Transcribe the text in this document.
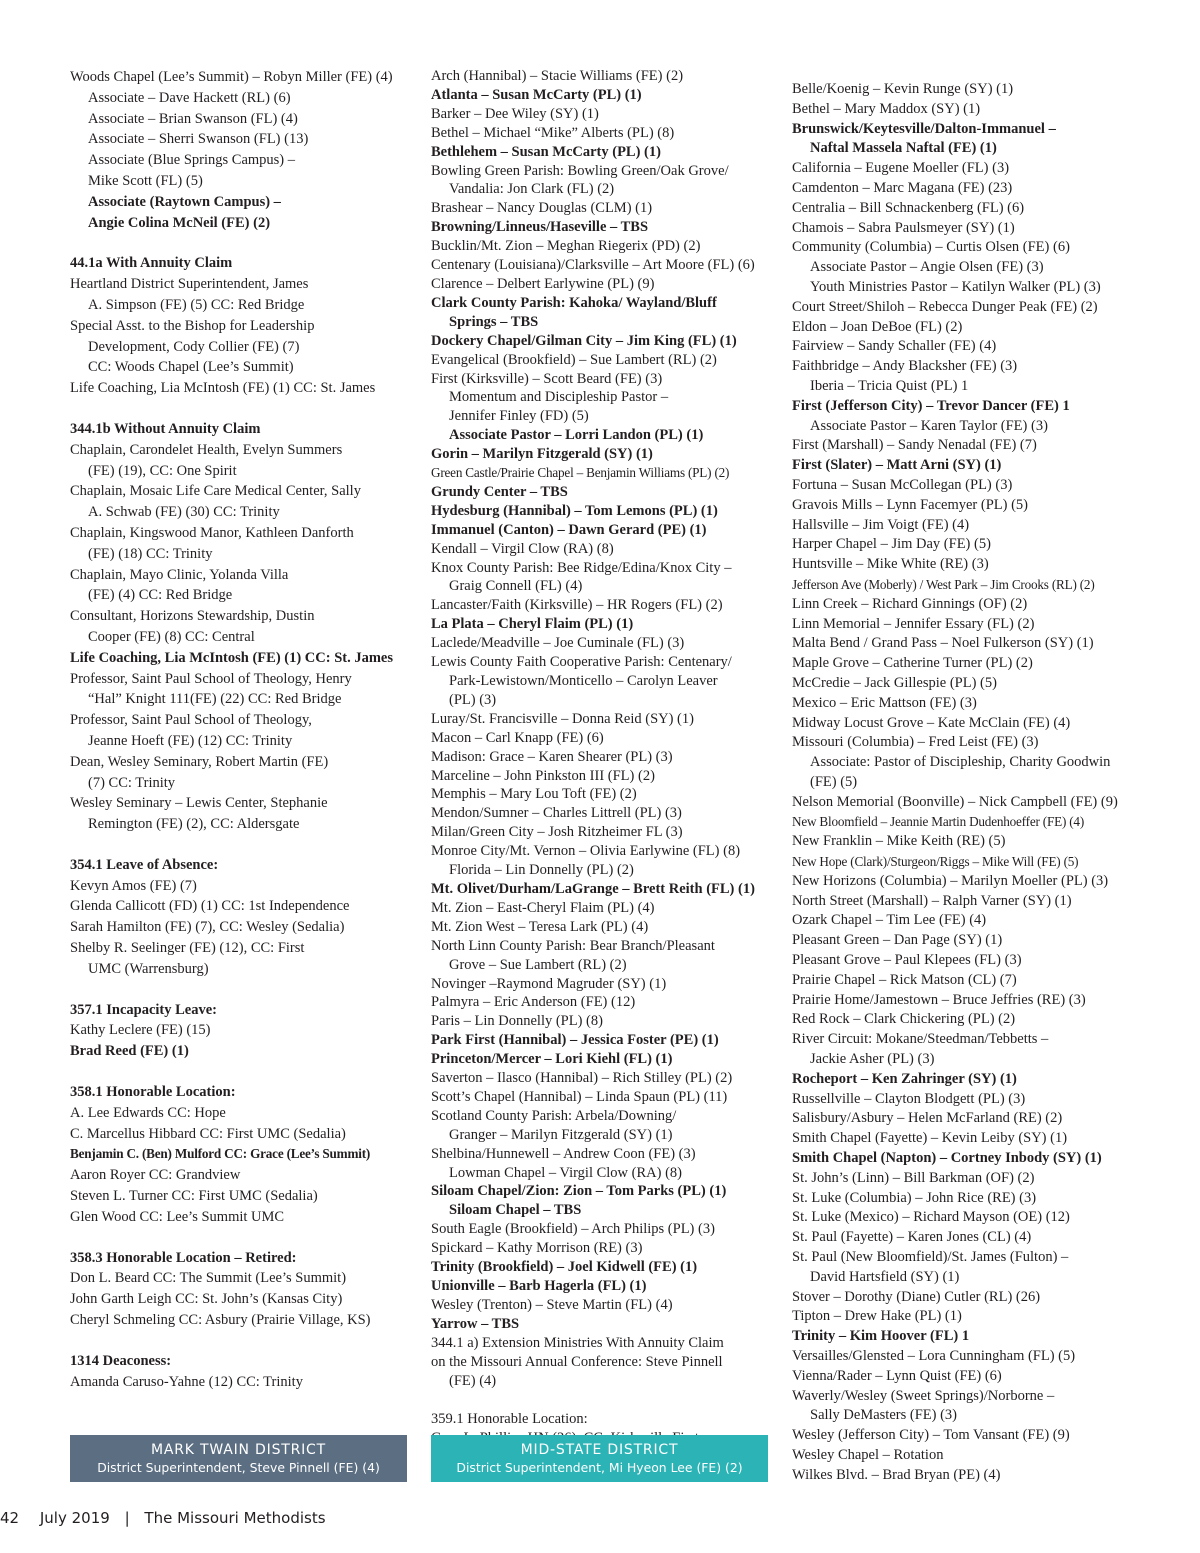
Woods Chapel (Lee’s Summit) – Robyn Miller (FE) (4)
Associate – Dave Hackett (RL) (6)
Associate – Brian Swanson (FL) (4)
Associate – Sherri Swanson (FL) (13)
Associate (Blue Springs Campus) –
Mike Scott (FL) (5)
Associate (Raytown Campus) –
Angie Colina McNeil (FE) (2)
44.1a With Annuity Claim
Heartland District Superintendent, James
A. Simpson (FE) (5) CC: Red Bridge
Special Asst. to the Bishop for Leadership
Development, Cody Collier (FE) (7)
CC: Woods Chapel (Lee’s Summit)
Life Coaching, Lia McIntosh (FE) (1) CC: St. James
344.1b Without Annuity Claim
Chaplain, Carondelet Health, Evelyn Summers
(FE) (19), CC: One Spirit
Chaplain, Mosaic Life Care Medical Center, Sally
A. Schwab (FE) (30) CC: Trinity
Chaplain, Kingswood Manor, Kathleen Danforth
(FE) (18) CC: Trinity
Chaplain, Mayo Clinic, Yolanda Villa
(FE) (4) CC: Red Bridge
Consultant, Horizons Stewardship, Dustin
Cooper (FE) (8) CC: Central
Life Coaching, Lia McIntosh (FE) (1) CC: St. James
Professor, Saint Paul School of Theology, Henry
“Hal” Knight 111(FE) (22) CC: Red Bridge
Professor, Saint Paul School of Theology,
Jeanne Hoeft (FE) (12) CC: Trinity
Dean, Wesley Seminary, Robert Martin (FE)
(7) CC: Trinity
Wesley Seminary – Lewis Center, Stephanie
Remington (FE) (2), CC: Aldersgate
354.1 Leave of Absence:
Kevyn Amos (FE) (7)
Glenda Callicott (FD) (1) CC: 1st Independence
Sarah Hamilton (FE) (7), CC: Wesley (Sedalia)
Shelby R. Seelinger (FE) (12), CC: First
UMC (Warrensburg)
357.1 Incapacity Leave:
Kathy Leclere (FE) (15)
Brad Reed (FE) (1)
358.1 Honorable Location:
A. Lee Edwards CC: Hope
C. Marcellus Hibbard CC: First UMC (Sedalia)
Benjamin C. (Ben) Mulford CC: Grace (Lee’s Summit)
Aaron Royer CC: Grandview
Steven L. Turner CC: First UMC (Sedalia)
Glen Wood CC: Lee’s Summit UMC
358.3 Honorable Location – Retired:
Don L. Beard CC: The Summit (Lee’s Summit)
John Garth Leigh CC: St. John’s (Kansas City)
Cheryl Schmeling CC: Asbury (Prairie Village, KS)
1314 Deaconess:
Amanda Caruso-Yahne (12) CC: Trinity
Arch (Hannibal) – Stacie Williams (FE) (2)
Atlanta – Susan McCarty (PL) (1)
Barker – Dee Wiley (SY) (1)
Bethel – Michael “Mike” Alberts (PL) (8)
Bethlehem – Susan McCarty (PL) (1)
Bowling Green Parish: Bowling Green/Oak Grove/
Vandalia: Jon Clark (FL) (2)
Brashear – Nancy Douglas (CLM) (1)
Browning/Linneus/Haseville – TBS
Bucklin/Mt. Zion – Meghan Riegerix (PD) (2)
Centenary (Louisiana)/Clarksville – Art Moore (FL) (6)
Clarence – Delbert Earlywine (PL) (9)
Clark County Parish: Kahoka/ Wayland/Bluff
Springs – TBS
Dockery Chapel/Gilman City – Jim King (FL) (1)
Evangelical (Brookfield) – Sue Lambert (RL) (2)
First (Kirksville) – Scott Beard (FE) (3)
Momentum and Discipleship Pastor –
Jennifer Finley (FD) (5)
Associate Pastor – Lorri Landon (PL) (1)
Gorin – Marilyn Fitzgerald (SY) (1)
Green Castle/Prairie Chapel – Benjamin Williams (PL) (2)
Grundy Center – TBS
Hydesburg (Hannibal) – Tom Lemons (PL) (1)
Immanuel (Canton) – Dawn Gerard (PE) (1)
Kendall – Virgil Clow (RA) (8)
Knox County Parish: Bee Ridge/Edina/Knox City –
Graig Connell (FL) (4)
Lancaster/Faith (Kirksville) – HR Rogers (FL) (2)
La Plata – Cheryl Flaim (PL) (1)
Laclede/Meadville – Joe Cuminale (FL) (3)
Lewis County Faith Cooperative Parish: Centenary/
Park-Lewistown/Monticello – Carolyn Leaver
(PL) (3)
Luray/St. Francisville – Donna Reid (SY) (1)
Macon – Carl Knapp (FE) (6)
Madison: Grace – Karen Shearer (PL) (3)
Marceline – John Pinkston III (FL) (2)
Memphis – Mary Lou Toft (FE) (2)
Mendon/Sumner – Charles Littrell (PL) (3)
Milan/Green City – Josh Ritzheimer FL (3)
Monroe City/Mt. Vernon – Olivia Earlywine (FL) (8)
Florida – Lin Donnelly (PL) (2)
Mt. Olivet/Durham/LaGrange – Brett Reith (FL) (1)
Mt. Zion – East-Cheryl Flaim (PL) (4)
Mt. Zion West – Teresa Lark (PL) (4)
North Linn County Parish: Bear Branch/Pleasant
Grove – Sue Lambert (RL) (2)
Novinger –Raymond Magruder (SY) (1)
Palmyra – Eric Anderson (FE) (12)
Paris – Lin Donnelly (PL) (8)
Park First (Hannibal) – Jessica Foster (PE) (1)
Princeton/Mercer – Lori Kiehl (FL) (1)
Saverton – Ilasco (Hannibal) – Rich Stilley (PL) (2)
Scott’s Chapel (Hannibal) – Linda Spaun (PL) (11)
Scotland County Parish: Arbela/Downing/
Granger – Marilyn Fitzgerald (SY) (1)
Shelbina/Hunnewell – Andrew Coon (FE) (3)
Lowman Chapel – Virgil Clow (RA) (8)
Siloam Chapel/Zion: Zion – Tom Parks (PL) (1)
Siloam Chapel – TBS
South Eagle (Brookfield) – Arch Philips (PL) (3)
Spickard – Kathy Morrison (RE) (3)
Trinity (Brookfield) – Joel Kidwell (FE) (1)
Unionville – Barb Hagerla (FL) (1)
Wesley (Trenton) – Steve Martin (FL) (4)
Yarrow – TBS
344.1 a) Extension Ministries With Annuity Claim
on the Missouri Annual Conference: Steve Pinnell
(FE) (4)
359.1 Honorable Location:
Belle/Koenig – Kevin Runge (SY) (1)
Bethel – Mary Maddox (SY) (1)
Brunswick/Keytesville/Dalton-Immanuel –
Naftal Massela Naftal (FE) (1)
California – Eugene Moeller (FL) (3)
Camdenton – Marc Magana (FE) (23)
Centralia – Bill Schnackenberg (FL) (6)
Chamois – Sabra Paulsmeyer (SY) (1)
Community (Columbia) – Curtis Olsen (FE) (6)
Associate Pastor – Angie Olsen (FE) (3)
Youth Ministries Pastor – Katilyn Walker (PL) (3)
Court Street/Shiloh – Rebecca Dunger Peak (FE) (2)
Eldon – Joan DeBoe (FL) (2)
Fairview – Sandy Schaller (FE) (4)
Faithbridge – Andy Blacksher (FE) (3)
Iberia – Tricia Quist (PL) 1
First (Jefferson City) – Trevor Dancer (FE) 1
Associate Pastor – Karen Taylor (FE) (3)
First (Marshall) – Sandy Nenadal (FE) (7)
First (Slater) – Matt Arni (SY) (1)
Fortuna – Susan McCollegan (PL) (3)
Gravois Mills – Lynn Facemyer (PL) (5)
Hallsville – Jim Voigt (FE) (4)
Harper Chapel – Jim Day (FE) (5)
Huntsville – Mike White (RE) (3)
Jefferson Ave (Moberly) / West Park – Jim Crooks (RL) (2)
Linn Creek – Richard Ginnings (OF) (2)
Linn Memorial – Jennifer Essary (FL) (2)
Malta Bend / Grand Pass – Noel Fulkerson (SY) (1)
Maple Grove – Catherine Turner (PL) (2)
McCredie – Jack Gillespie (PL) (5)
Mexico – Eric Mattson (FE) (3)
Midway Locust Grove – Kate McClain (FE) (4)
Missouri (Columbia) – Fred Leist (FE) (3)
Associate: Pastor of Discipleship, Charity Goodwin
(FE) (5)
Nelson Memorial (Boonville) – Nick Campbell (FE) (9)
New Bloomfield – Jeannie Martin Dudenhoeffer (FE) (4)
New Franklin – Mike Keith (RE) (5)
New Hope (Clark)/Sturgeon/Riggs – Mike Will (FE) (5)
New Horizons (Columbia) – Marilyn Moeller (PL) (3)
North Street (Marshall) – Ralph Varner (SY) (1)
Ozark Chapel – Tim Lee (FE) (4)
Pleasant Green – Dan Page (SY) (1)
Pleasant Grove – Paul Klepees (FL) (3)
Prairie Chapel – Rick Matson (CL) (7)
Prairie Home/Jamestown – Bruce Jeffries (RE) (3)
Red Rock – Clark Chickering (PL) (2)
River Circuit: Mokane/Steedman/Tebbetts –
Jackie Asher (PL) (3)
Rocheport – Ken Zahringer (SY) (1)
Russellville – Clayton Blodgett (PL) (3)
Salisbury/Asbury – Helen McFarland (RE) (2)
Smith Chapel (Fayette) – Kevin Leiby (SY) (1)
Smith Chapel (Napton) – Cortney Inbody (SY) (1)
St. John’s (Linn) – Bill Barkman (OF) (2)
St. Luke (Columbia) – John Rice (RE) (3)
St. Luke (Mexico) – Richard Mayson (OE) (12)
St. Paul (Fayette) – Karen Jones (CL) (4)
St. Paul (New Bloomfield)/St. James (Fulton) –
David Hartsfield (SY) (1)
Stover – Dorothy (Diane) Cutler (RL) (26)
Tipton – Drew Hake (PL) (1)
Trinity – Kim Hoover (FL) 1
Versailles/Glensted – Lora Cunningham (FL) (5)
Vienna/Rader – Lynn Quist (FE) (6)
Waverly/Wesley (Sweet Springs)/Norborne –
Sally DeMasters (FE) (3)
Wesley (Jefferson City) – Tom Vansant (FE) (9)
Wesley Chapel – Rotation
Wilkes Blvd. – Brad Bryan (PE) (4)
MARK TWAIN DISTRICT
District Superintendent, Steve Pinnell (FE) (4)
MID-STATE DISTRICT
District Superintendent, Mi Hyeon Lee (FE) (2)
42 July 2019 | The Missouri Methodists
